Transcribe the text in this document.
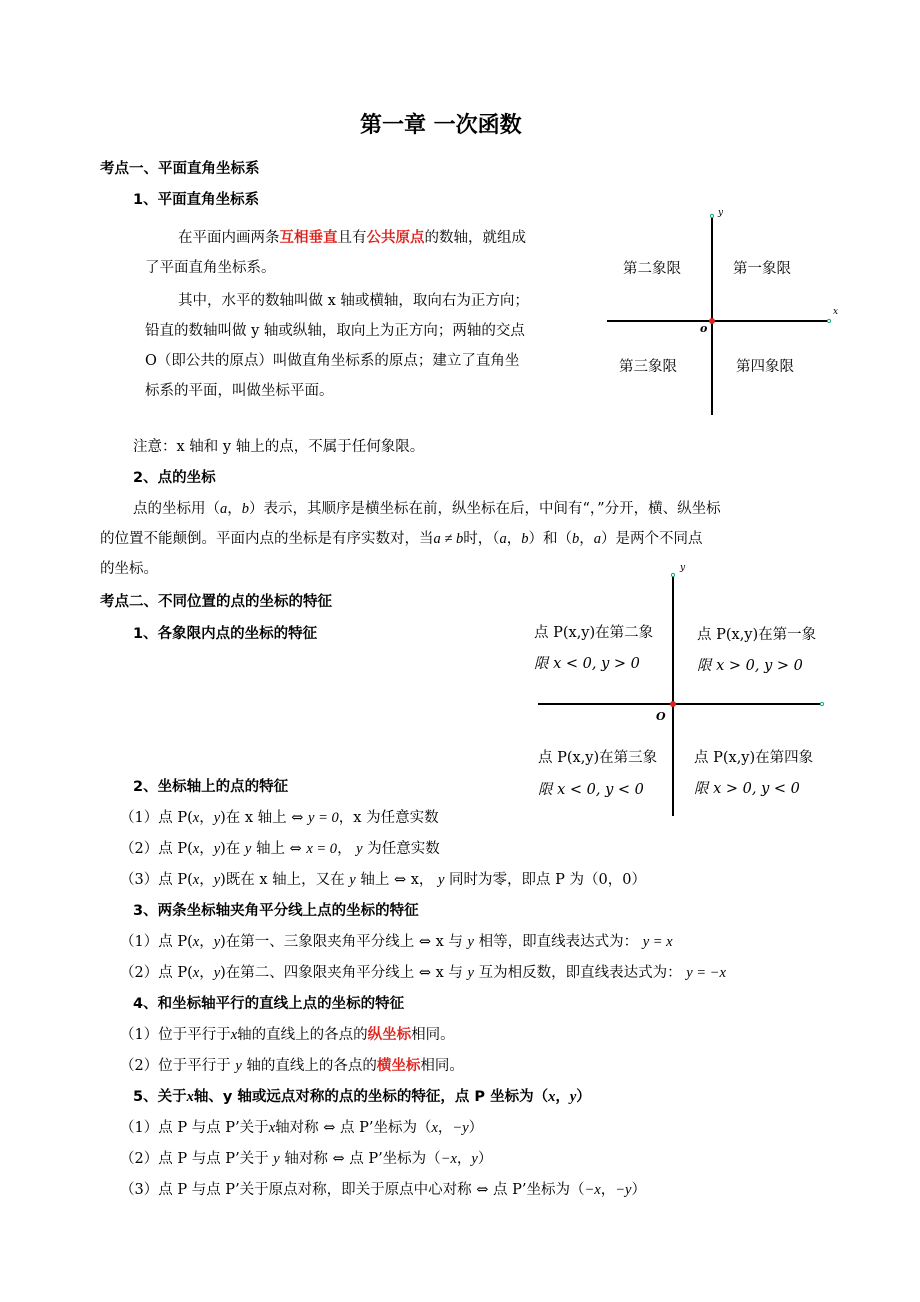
第一章 一次函数
考点一、平面直角坐标系
1、平面直角坐标系
在平面内画两条互相垂直且有公共原点的数轴，就组成
了平面直角坐标系。
其中，水平的数轴叫做 x 轴或横轴，取向右为正方向；
铅直的数轴叫做 y 轴或纵轴，取向上为正方向；两轴的交点
O（即公共的原点）叫做直角坐标系的原点；建立了直角坐
标系的平面，叫做坐标平面。
y
x
o
第二象限	第一象限
第三象限	第四象限
注意：x 轴和 y 轴上的点，不属于任何象限。
2、点的坐标
点的坐标用（a，b）表示，其顺序是横坐标在前，纵坐标在后，中间有“，”分开，横、纵坐标
的位置不能颠倒。平面内点的坐标是有序实数对，当a ≠ b时，（a，b）和（b，a）是两个不同点
的坐标。
考点二、不同位置的点的坐标的特征
1、各象限内点的坐标的特征
y
O
点 P(x,y)在第二象
限 x < 0, y > 0
点 P(x,y)在第一象
限 x > 0, y > 0
点 P(x,y)在第三象
限 x < 0, y < 0
点 P(x,y)在第四象
限 x > 0, y < 0
2、坐标轴上的点的特征
（1）点 P(x，y)在 x 轴上 ⇔ y = 0，x 为任意实数
（2）点 P(x，y)在 y 轴上 ⇔ x = 0， y 为任意实数
（3）点 P(x，y)既在 x 轴上，又在 y 轴上 ⇔ x， y 同时为零，即点 P 为（0，0）
3、两条坐标轴夹角平分线上点的坐标的特征
（1）点 P(x，y)在第一、三象限夹角平分线上 ⇔ x 与 y 相等，即直线表达式为： y = x
（2）点 P(x，y)在第二、四象限夹角平分线上 ⇔ x 与 y 互为相反数，即直线表达式为： y = −x
4、和坐标轴平行的直线上点的坐标的特征
（1）位于平行于x轴的直线上的各点的纵坐标相同。
（2）位于平行于 y 轴的直线上的各点的横坐标相同。
5、关于x轴、y 轴或远点对称的点的坐标的特征，点 P 坐标为（x，y）
（1）点 P 与点 P’关于x轴对称 ⇔ 点 P’坐标为（x，−y）
（2）点 P 与点 P’关于 y 轴对称 ⇔ 点 P’坐标为（−x，y）
（3）点 P 与点 P’关于原点对称，即关于原点中心对称 ⇔ 点 P’坐标为（−x，−y）
